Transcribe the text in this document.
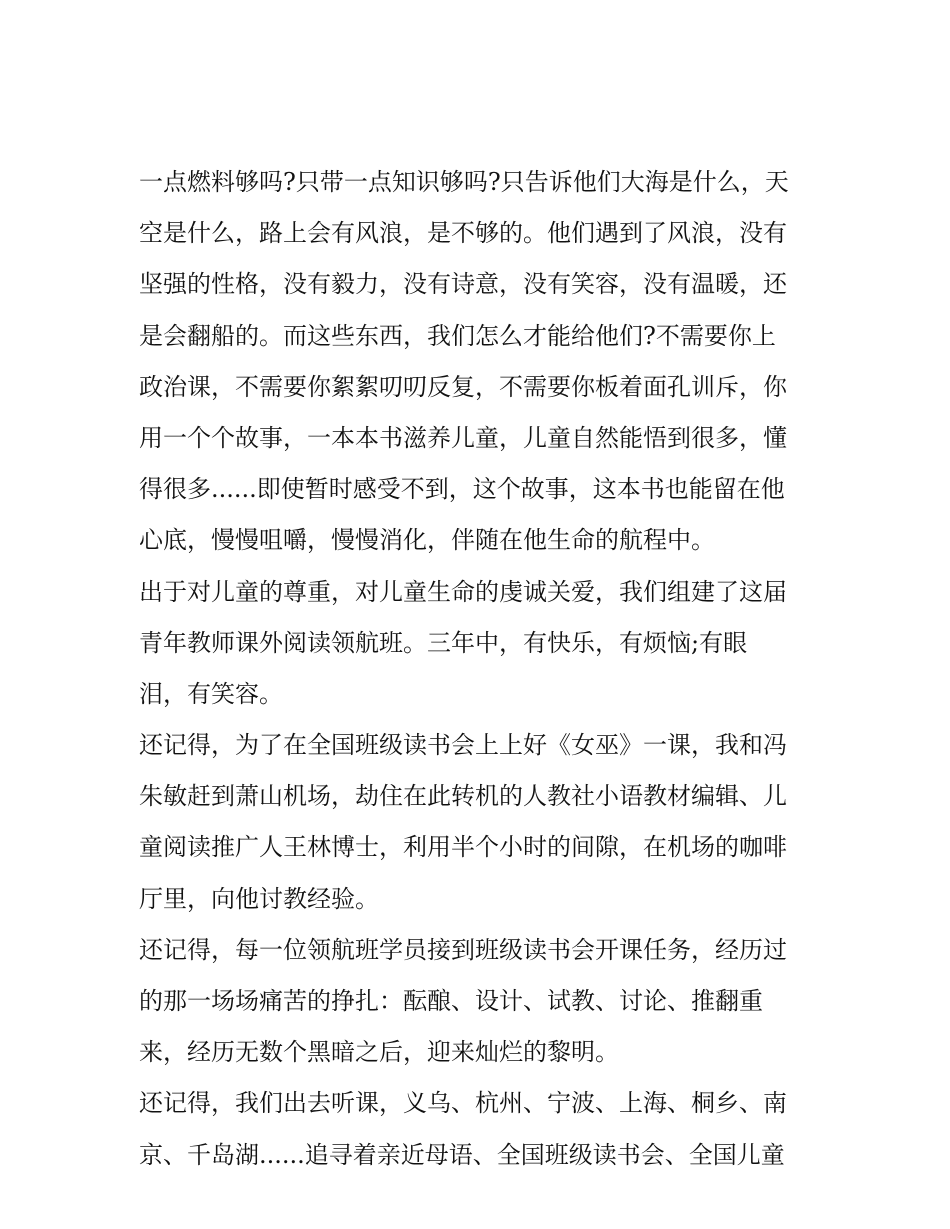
一点燃料够吗?只带一点知识够吗?只告诉他们大海是什么，天
空是什么，路上会有风浪，是不够的。他们遇到了风浪，没有
坚强的性格，没有毅力，没有诗意，没有笑容，没有温暖，还
是会翻船的。而这些东西，我们怎么才能给他们?不需要你上
政治课，不需要你絮絮叨叨反复，不需要你板着面孔训斥，你
用一个个故事，一本本书滋养儿童，儿童自然能悟到很多，懂
得很多......即使暂时感受不到，这个故事，这本书也能留在他
心底，慢慢咀嚼，慢慢消化，伴随在他生命的航程中。
出于对儿童的尊重，对儿童生命的虔诚关爱，我们组建了这届
青年教师课外阅读领航班。三年中，有快乐，有烦恼;有眼
泪，有笑容。
还记得，为了在全国班级读书会上上好《女巫》一课，我和冯
朱敏赶到萧山机场，劫住在此转机的人教社小语教材编辑、儿
童阅读推广人王林博士，利用半个小时的间隙，在机场的咖啡
厅里，向他讨教经验。
还记得，每一位领航班学员接到班级读书会开课任务，经历过
的那一场场痛苦的挣扎：酝酿、设计、试教、讨论、推翻重
来，经历无数个黑暗之后，迎来灿烂的黎明。
还记得，我们出去听课，义乌、杭州、宁波、上海、桐乡、南
京、千岛湖......追寻着亲近母语、全国班级读书会、全国儿童
